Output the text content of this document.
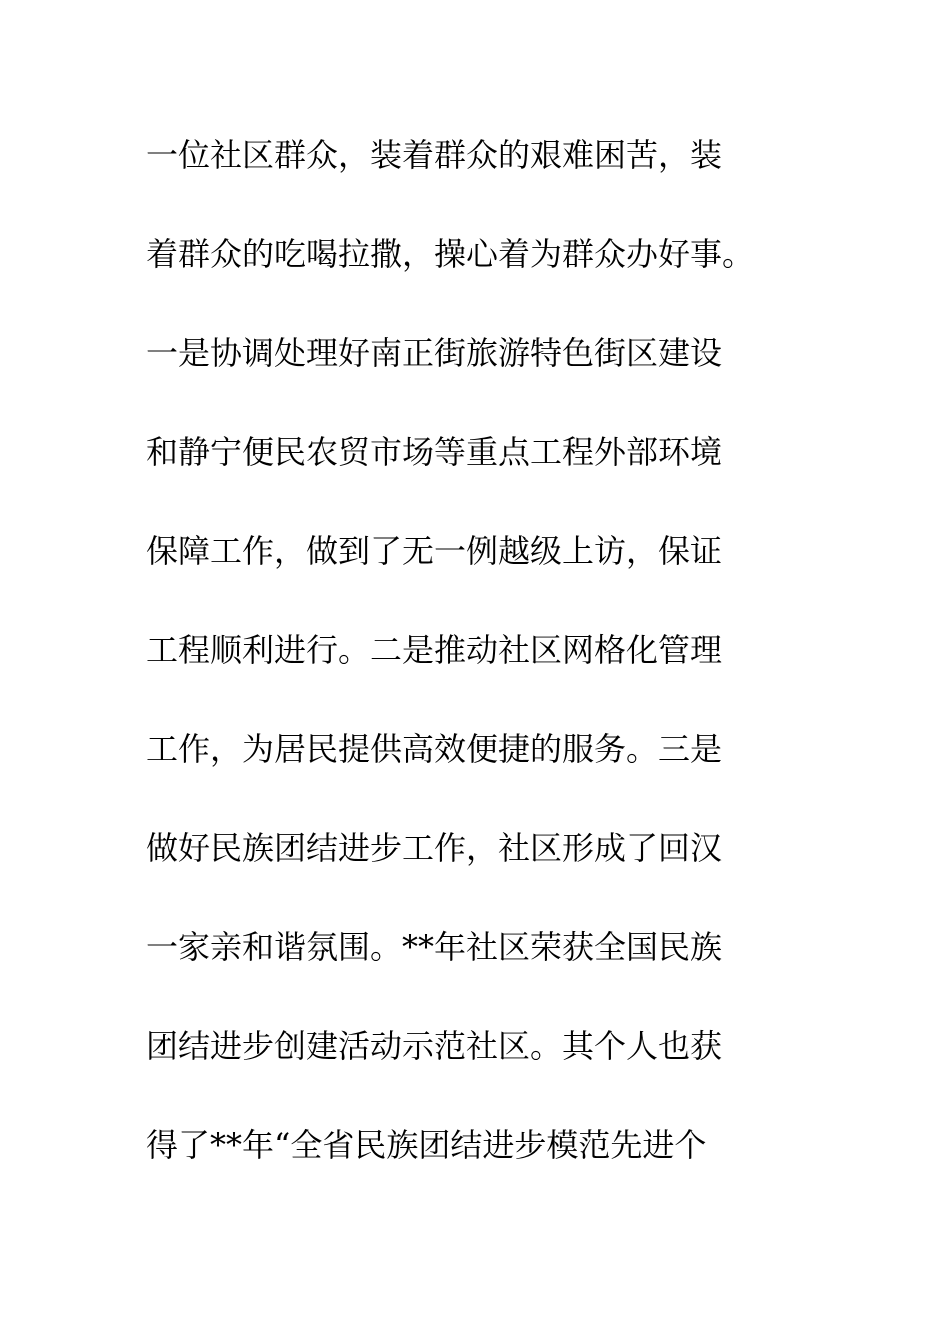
一位社区群众，装着群众的艰难困苦，装
着群众的吃喝拉撒，操心着为群众办好事。
一是协调处理好南正街旅游特色街区建设
和静宁便民农贸市场等重点工程外部环境
保障工作，做到了无一例越级上访，保证
工程顺利进行。二是推动社区网格化管理
工作，为居民提供高效便捷的服务。三是
做好民族团结进步工作，社区形成了回汉
一家亲和谐氛围。**年社区荣获全国民族
团结进步创建活动示范社区。其个人也获
得了**年“全省民族团结进步模范先进个
